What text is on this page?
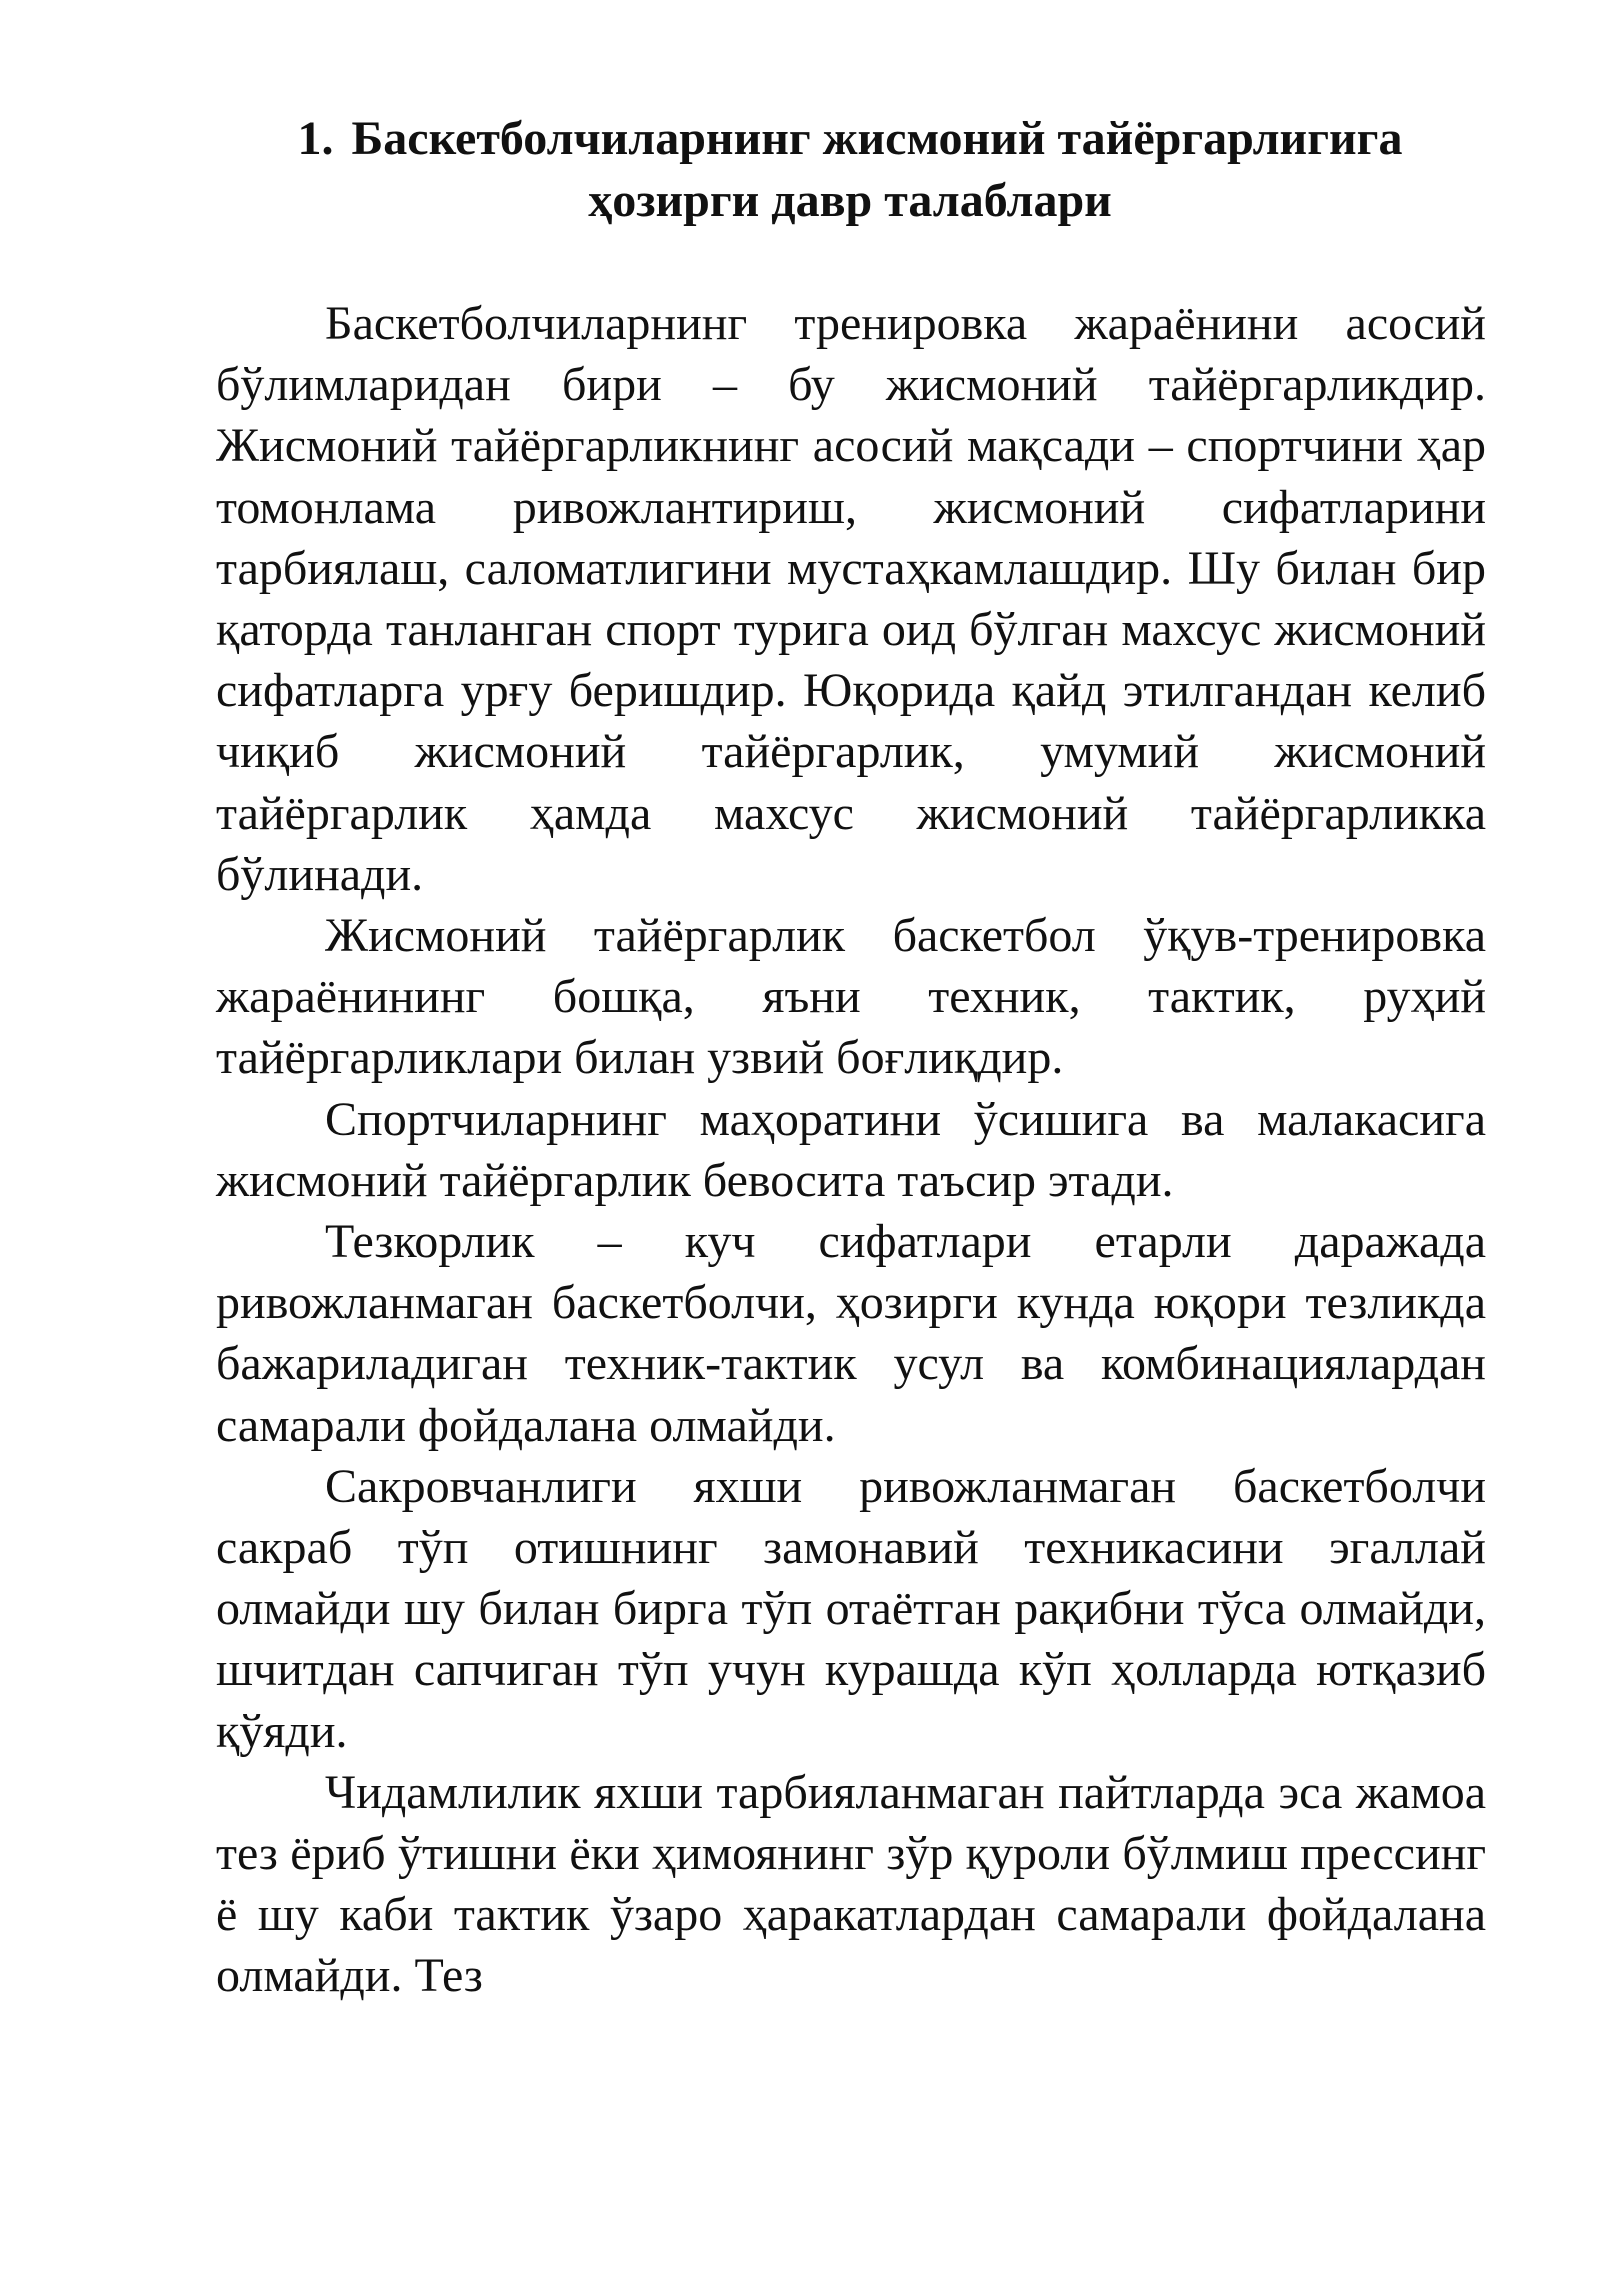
1. Баскетболчиларнинг жисмоний тайёргарлигига
ҳозирги давр талаблари

Баскетболчиларнинг тренировка жараёнини асосий бўлимларидан бири – бу жисмоний тайёргарликдир. Жисмоний тайёргарликнинг асосий мақсади – спортчини ҳар томонлама ривожлантириш, жисмоний сифатларини тарбиялаш, саломатлигини мустаҳкамлашдир. Шу билан бир қаторда танланган спорт турига оид бўлган махсус жисмоний сифатларга урғу беришдир. Юқорида қайд этилгандан келиб чиқиб жисмоний тайёргарлик, умумий жисмоний тайёргарлик ҳамда махсус жисмоний тайёргарликка бўлинади.

Жисмоний тайёргарлик баскетбол ўқув-тренировка жараёнининг бошқа, яъни техник, тактик, руҳий тайёргарликлари билан узвий боғлиқдир.

Спортчиларнинг маҳоратини ўсишига ва малакасига жисмоний тайёргарлик бевосита таъсир этади.

Тезкорлик – куч сифатлари етарли даражада ривожланмаган баскетболчи, ҳозирги кунда юқори тезликда бажариладиган техник-тактик усул ва комбинациялардан самарали фойдалана олмайди.

Сакровчанлиги яхши ривожланмаган баскетболчи сакраб тўп отишнинг замонавий техникасини эгаллай олмайди шу билан бирга тўп отаётган рақибни тўса олмайди, шчитдан сапчиган тўп учун курашда кўп ҳолларда ютқазиб қўяди.

Чидамлилик яхши тарбияланмаган пайтларда эса жамоа тез ёриб ўтишни ёки ҳимоянинг зўр қуроли бўлмиш прессинг ё шу каби тактик ўзаро ҳаракатлардан самарали фойдалана олмайди. Тез
